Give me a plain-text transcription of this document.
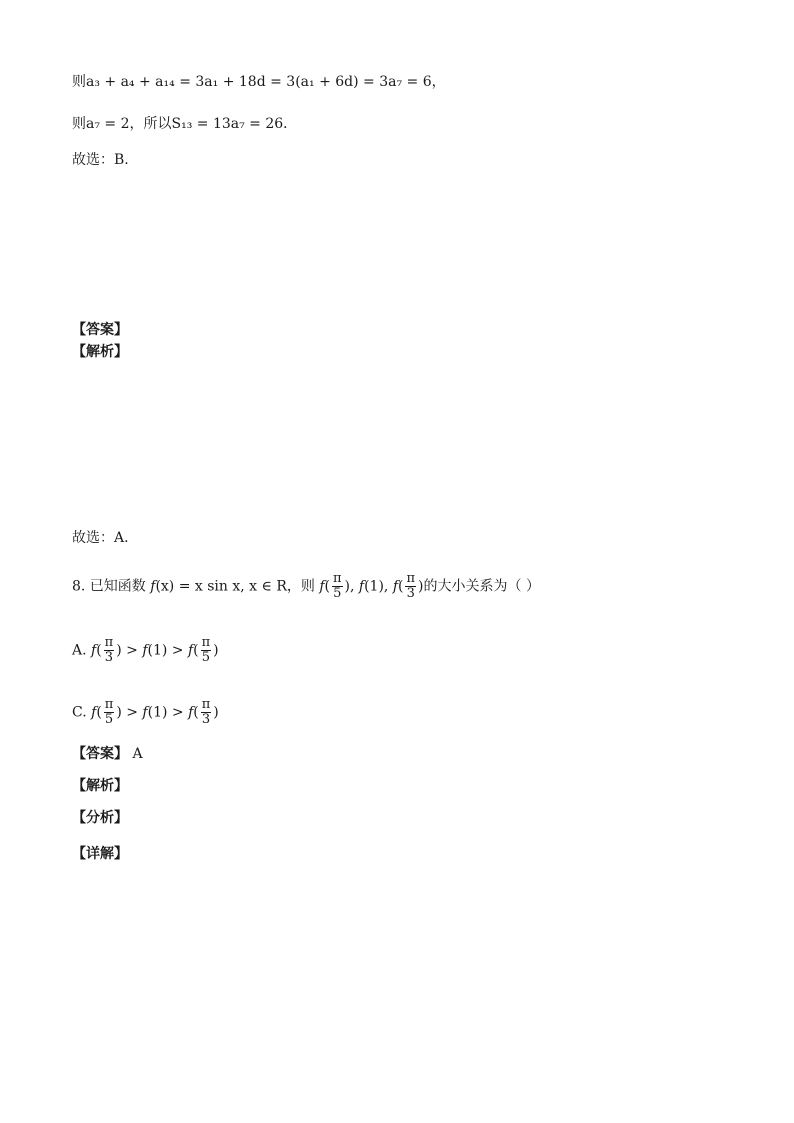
则a₃ + a₄ + a₁₄ = 3a₁ + 18d = 3(a₁ + 6d) = 3a₇ = 6，
则a₇ = 2，所以S₁₃ = 13a₇ = 26．
故选：B.
【答案】
【解析】
故选：A.
8. 已知函数 f(x) = x sin x, x ∈ R，则 $f( \frac{\pi}{5}$ ), f(1), $f( \frac{\pi}{3}$ )的大小关系为（ ）
A. $f( \frac{\pi}{3}$ ) > $f(1) > f( \frac{\pi}{5}$ )
C. $f( \frac{\pi}{5}$ ) > $f(1) > f( \frac{\pi}{3}$ )
【答案】 A
【解析】
【分析】
【详解】
